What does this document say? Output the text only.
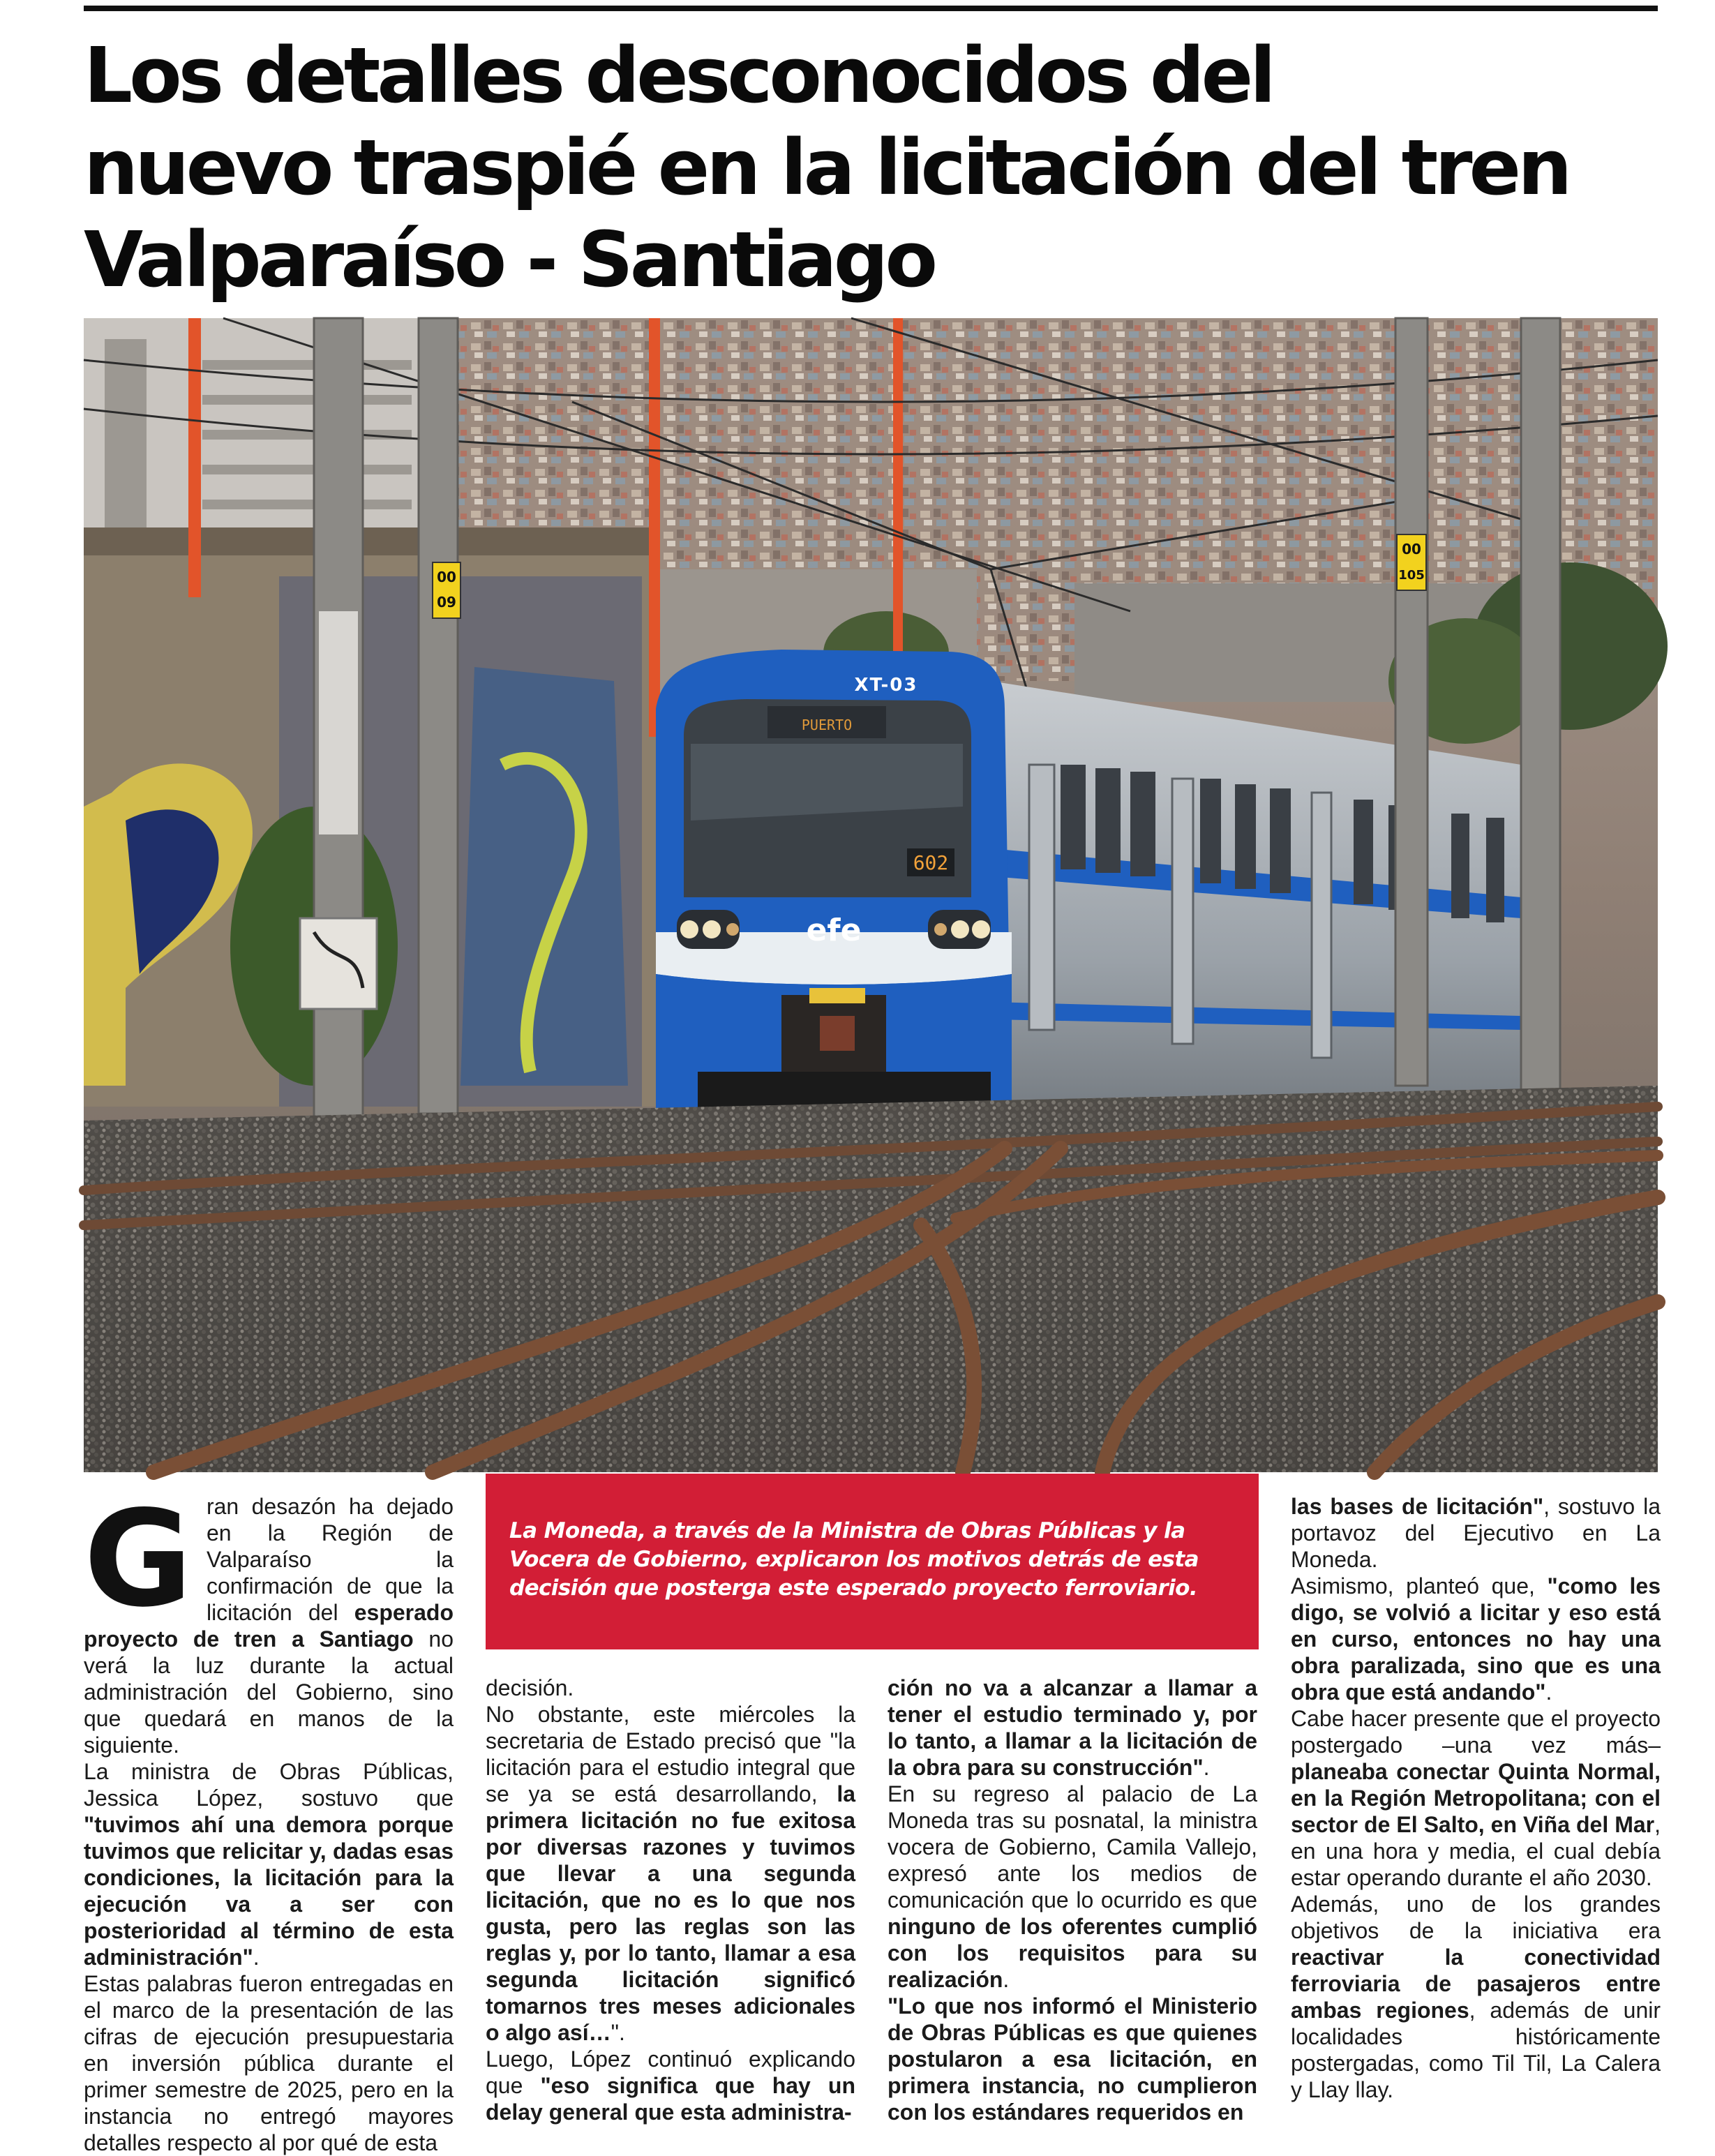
Los detalles desconocidos del
nuevo traspié en la licitación del tren
Valparaíso - Santiago
PUERTO
602
XT-03
efe
00
09
00
105
G ran desazón ha dejado en la Región de Valparaíso la confirmación de que la licitación del esperado proyecto de tren a Santiago no verá la luz durante la actual administración del Gobierno, sino que quedará en manos de la siguiente.

La ministra de Obras Públicas, Jessica López, sostuvo que "tuvimos ahí una demora porque tuvimos que relicitar y, dadas esas condiciones, la licitación para la ejecución va a ser con posterioridad al término de esta administración".

Estas palabras fueron entregadas en el marco de la presentación de las cifras de ejecución presupuestaria en inversión pública durante el primer semestre de 2025, pero en la instancia no entregó mayores detalles respecto al por qué de esta

La Moneda, a través de la Ministra de Obras Públicas y la Vocera de Gobierno, explicaron los motivos detrás de esta decisión que posterga este esperado proyecto ferroviario.

decisión.

No obstante, este miércoles la secretaria de Estado precisó que "la licitación para el estudio integral que se ya se está desarrollando, la primera licitación no fue exitosa por diversas razones y tuvimos que llevar a una segunda licitación, que no es lo que nos gusta, pero las reglas son las reglas y, por lo tanto, llamar a esa segunda licitación significó tomarnos tres meses adicionales o algo así…".

Luego, López continuó explicando que "eso significa que hay un delay general que esta administra-

ción no va a alcanzar a llamar a tener el estudio terminado y, por lo tanto, a llamar a la licitación de la obra para su construcción".

En su regreso al palacio de La Moneda tras su posnatal, la ministra vocera de Gobierno, Camila Vallejo, expresó ante los medios de comunicación que lo ocurrido es que ninguno de los oferentes cumplió con los requisitos para su realización.

"Lo que nos informó el Ministerio de Obras Públicas es que quienes postularon a esa licitación, en primera instancia, no cumplieron con los estándares requeridos en

las bases de licitación", sostuvo la portavoz del Ejecutivo en La Moneda.

Asimismo, planteó que, "como les digo, se volvió a licitar y eso está en curso, entonces no hay una obra paralizada, sino que es una obra que está andando".

Cabe hacer presente que el proyecto postergado –una vez más– planeaba conectar Quinta Normal, en la Región Metropolitana; con el sector de El Salto, en Viña del Mar, en una hora y media, el cual debía estar operando durante el año 2030.

Además, uno de los grandes objetivos de la iniciativa era reactivar la conectividad ferroviaria de pasajeros entre ambas regiones, además de unir localidades históricamente postergadas, como Til Til, La Calera y Llay llay.
